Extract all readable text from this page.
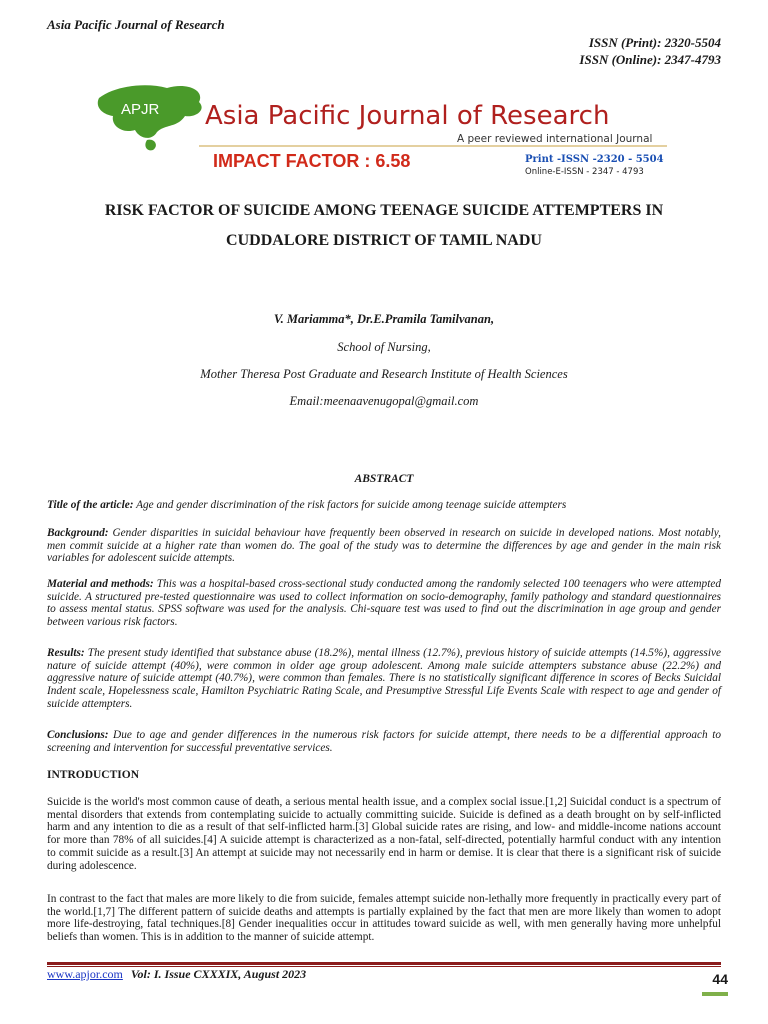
Asia Pacific Journal of Research
ISSN (Print): 2320-5504
ISSN (Online): 2347-4793
APJR Asia Pacific Journal of Research
A peer reviewed international Journal
IMPACT FACTOR : 6.58	Print -ISSN -2320 - 5504
Online-E-ISSN - 2347 - 4793
RISK FACTOR OF SUICIDE AMONG TEENAGE SUICIDE ATTEMPTERS IN
CUDDALORE DISTRICT OF TAMIL NADU
V. Mariamma*, Dr.E.Pramila Tamilvanan,
School of Nursing,
Mother Theresa Post Graduate and Research Institute of Health Sciences
Email:meenaavenugopal@gmail.com
ABSTRACT
Title of the article: Age and gender discrimination of the risk factors for suicide among teenage suicide attempters
Background: Gender disparities in suicidal behaviour have frequently been observed in research on suicide in developed nations. Most notably, men commit suicide at a higher rate than women do. The goal of the study was to determine the differences by age and gender in the main risk variables for adolescent suicide attempts.
Material and methods: This was a hospital-based cross-sectional study conducted among the randomly selected 100 teenagers who were attempted suicide. A structured pre-tested questionnaire was used to collect information on socio-demography, family pathology and standard questionnaires to assess mental status. SPSS software was used for the analysis. Chi-square test was used to find out the discrimination in age group and gender between various risk factors.
Results: The present study identified that substance abuse (18.2%), mental illness (12.7%), previous history of suicide attempts (14.5%), aggressive nature of suicide attempt (40%), were common in older age group adolescent. Among male suicide attempters substance abuse (22.2%) and aggressive nature of suicide attempt (40.7%), were common than females. There is no statistically significant difference in scores of Becks Suicidal Indent scale, Hopelessness scale, Hamilton Psychiatric Rating Scale, and Presumptive Stressful Life Events Scale with respect to age and gender of suicide attempters.
Conclusions: Due to age and gender differences in the numerous risk factors for suicide attempt, there needs to be a differential approach to screening and intervention for successful preventative services.
INTRODUCTION
Suicide is the world's most common cause of death, a serious mental health issue, and a complex social issue.[1,2] Suicidal conduct is a spectrum of mental disorders that extends from contemplating suicide to actually committing suicide. Suicide is defined as a death brought on by self-inflicted harm and any intention to die as a result of that self-inflicted harm.[3] Global suicide rates are rising, and low- and middle-income nations account for more than 78% of all suicides.[4] A suicide attempt is characterized as a non-fatal, self-directed, potentially harmful conduct with any intention to commit suicide as a result.[3] An attempt at suicide may not necessarily end in harm or demise. It is clear that there is a significant risk of suicide during adolescence.
In contrast to the fact that males are more likely to die from suicide, females attempt suicide non-lethally more frequently in practically every part of the world.[1,7] The different pattern of suicide deaths and attempts is partially explained by the fact that men are more likely than women to adopt more life-destroying, fatal techniques.[8] Gender inequalities occur in attitudes toward suicide as well, with men generally having more unhelpful beliefs than women. This is in addition to the manner of suicide attempt.
www.apjor.com Vol: I. Issue CXXXIX, August 2023	44
